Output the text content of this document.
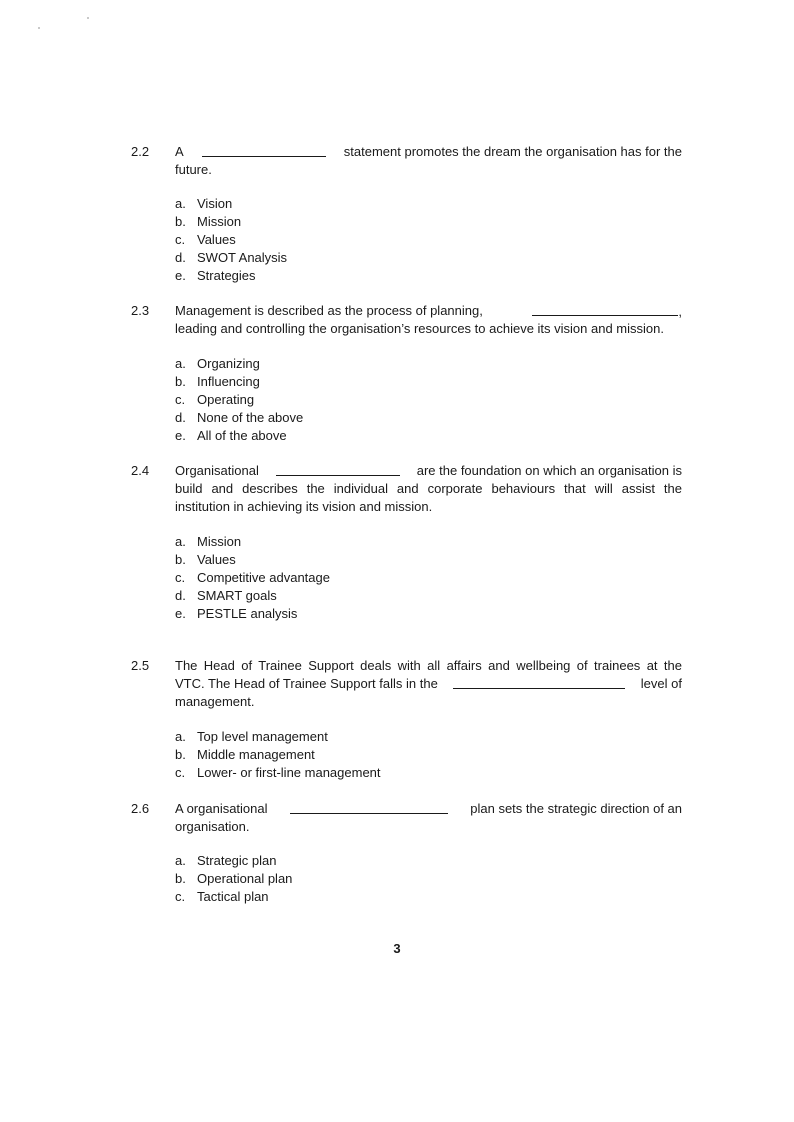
2.2	A	statement promotes the dream the organisation has for the
future.
a. Vision
b. Mission
c. Values
d. SWOT Analysis
e. Strategies
2.3	Management is described as the process of planning,	,
leading and controlling the organisation’s resources to achieve its vision and mission.
a. Organizing
b. Influencing
c. Operating
d. None of the above
e. All of the above
2.4	Organisational	are the foundation on which an organisation is
build and describes the individual and corporate behaviours that will assist the
institution in achieving its vision and mission.
a. Mission
b. Values
c. Competitive advantage
d. SMART goals
e. PESTLE analysis
2.5	The Head of Trainee Support deals with all affairs and wellbeing of trainees at the
VTC. The Head of Trainee Support falls in the	level of
management.
a. Top level management
b. Middle management
c. Lower- or first-line management
2.6	A organisational	plan sets the strategic direction of an
organisation.
a. Strategic plan
b. Operational plan
c. Tactical plan
3
